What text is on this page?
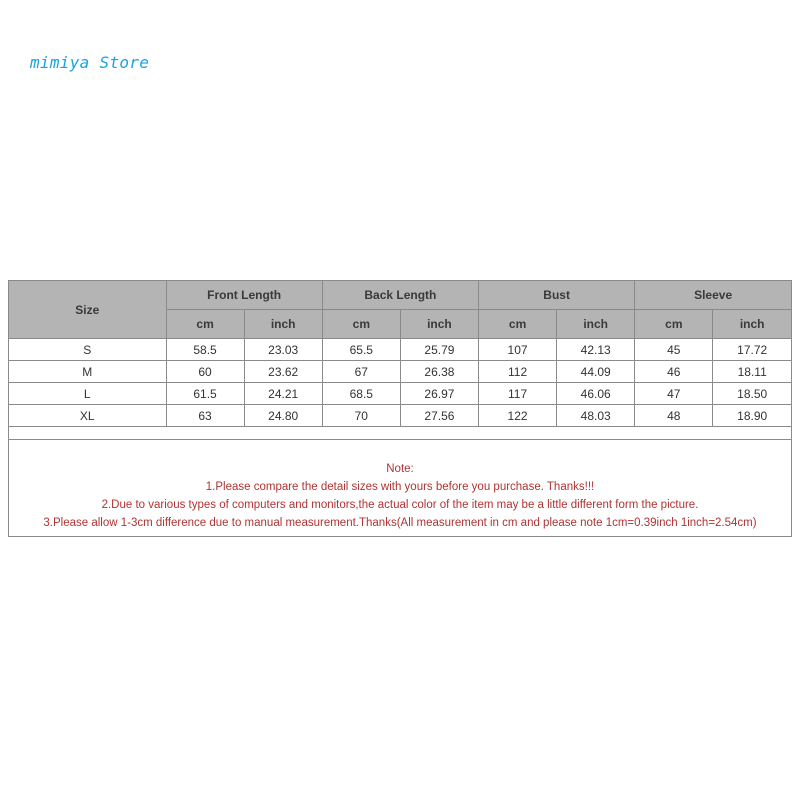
mimiya Store
Size	Front Length		Back Length		Bust		Sleeve	
	cm	inch	cm	inch	cm	inch	cm	inch
S	58.5	23.03	65.5	25.79	107	42.13	45	17.72
M	60	23.62	67	26.38	112	44.09	46	18.11
L	61.5	24.21	68.5	26.97	117	46.06	47	18.50
XL	63	24.80	70	27.56	122	48.03	48	18.90
Note:
1.Please compare the detail sizes with yours before you purchase. Thanks!!!
2.Due to various types of computers and monitors,the actual color of the item may be a little different form the picture.
3.Please allow 1-3cm difference due to manual measurement.Thanks(All measurement in cm and please note 1cm=0.39inch 1inch=2.54cm)
